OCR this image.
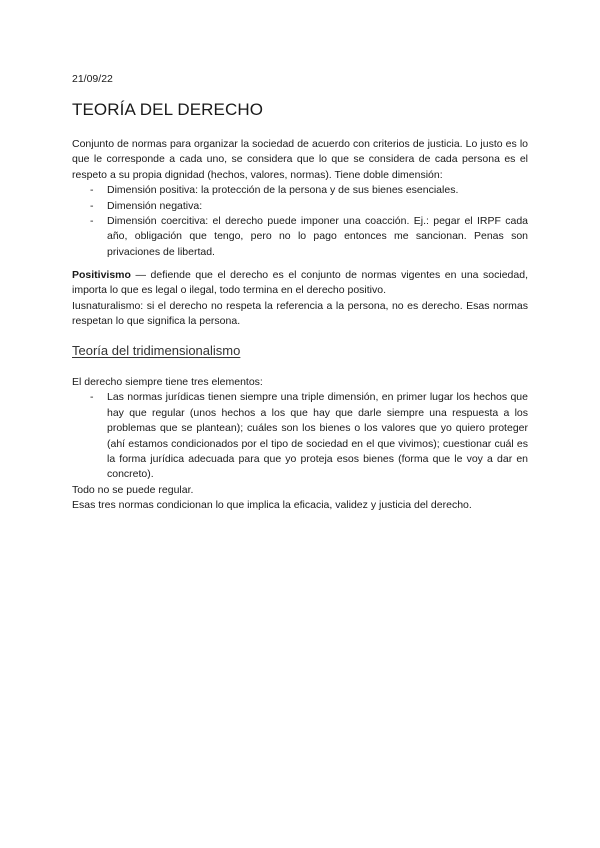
21/09/22
TEORÍA DEL DERECHO
Conjunto de normas para organizar la sociedad de acuerdo con criterios de justicia. Lo justo es lo que le corresponde a cada uno, se considera que lo que se considera de cada persona es el respeto a su propia dignidad (hechos, valores, normas). Tiene doble dimensión:
- Dimensión positiva: la protección de la persona y de sus bienes esenciales.
- Dimensión negativa:
- Dimensión coercitiva: el derecho puede imponer una coacción. Ej.: pegar el IRPF cada año, obligación que tengo, pero no lo pago entonces me sancionan. Penas son privaciones de libertad.
Positivismo — defiende que el derecho es el conjunto de normas vigentes en una sociedad, importa lo que es legal o ilegal, todo termina en el derecho positivo.
Iusnaturalismo: si el derecho no respeta la referencia a la persona, no es derecho. Esas normas respetan lo que significa la persona.
Teoría del tridimensionalismo
El derecho siempre tiene tres elementos:
- Las normas jurídicas tienen siempre una triple dimensión, en primer lugar los hechos que hay que regular (unos hechos a los que hay que darle siempre una respuesta a los problemas que se plantean); cuáles son los bienes o los valores que yo quiero proteger (ahí estamos condicionados por el tipo de sociedad en el que vivimos); cuestionar cuál es la forma jurídica adecuada para que yo proteja esos bienes (forma que le voy a dar en concreto).
Todo no se puede regular.
Esas tres normas condicionan lo que implica la eficacia, validez y justicia del derecho.
